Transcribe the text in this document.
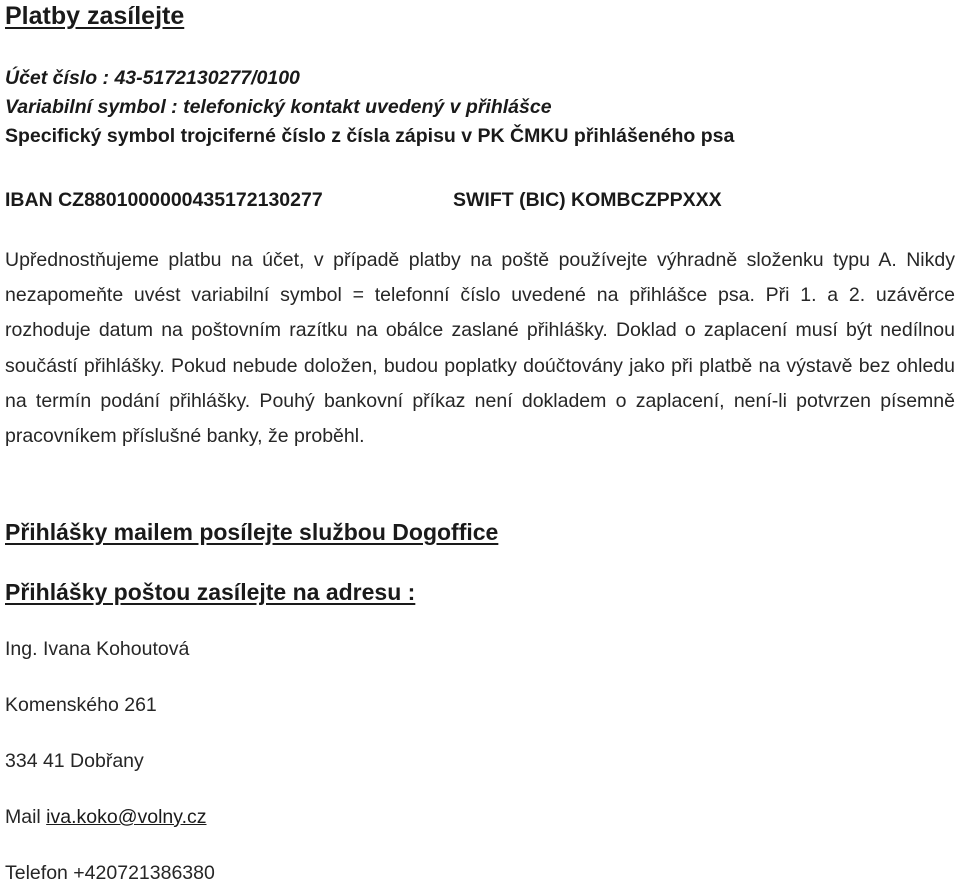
Platby zasílejte
Účet číslo : 43-5172130277/0100
Variabilní symbol : telefonický kontakt uvedený v přihlášce
Specifický symbol trojciferné číslo z čísla zápisu v PK ČMKU přihlášeného psa
IBAN CZ8801000000435172130277	SWIFT (BIC) KOMBCZPPXXX

Upřednostňujeme platbu na účet, v případě platby na poště používejte výhradně složenku typu A. Nikdy nezapomeňte uvést variabilní symbol = telefonní číslo uvedené na přihlášce psa. Při 1. a 2. uzávěrce rozhoduje datum na poštovním razítku na obálce zaslané přihlášky. Doklad o zaplacení musí být nedílnou součástí přihlášky. Pokud nebude doložen, budou poplatky doúčtovány jako při platbě na výstavě bez ohledu na termín podání přihlášky. Pouhý bankovní příkaz není dokladem o zaplacení, není-li potvrzen písemně pracovníkem příslušné banky, že proběhl.

Přihlášky mailem posílejte službou Dogoffice
Přihlášky poštou zasílejte na adresu :
Ing. Ivana Kohoutová
Komenského 261
334 41 Dobřany
Mail iva.koko@volny.cz
Telefon +420721386380
